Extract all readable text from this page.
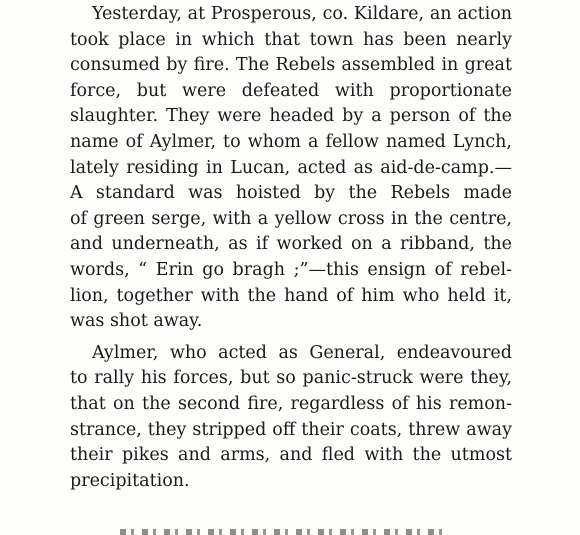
Yesterday, at Prosperous, co. Kildare, an action
took place in which that town has been nearly
consumed by fire. The Rebels assembled in great
force, but were defeated with proportionate
slaughter. They were headed by a person of the
name of Aylmer, to whom a fellow named Lynch,
lately residing in Lucan, acted as aid-de-camp.—
A standard was hoisted by the Rebels made
of green serge, with a yellow cross in the centre,
and underneath, as if worked on a ribband, the
words, “ Erin go bragh ;”—this ensign of rebel-
lion, together with the hand of him who held it,
was shot away.
Aylmer, who acted as General, endeavoured
to rally his forces, but so panic-struck were they,
that on the second fire, regardless of his remon-
strance, they stripped off their coats, threw away
their pikes and arms, and fled with the utmost
precipitation.
